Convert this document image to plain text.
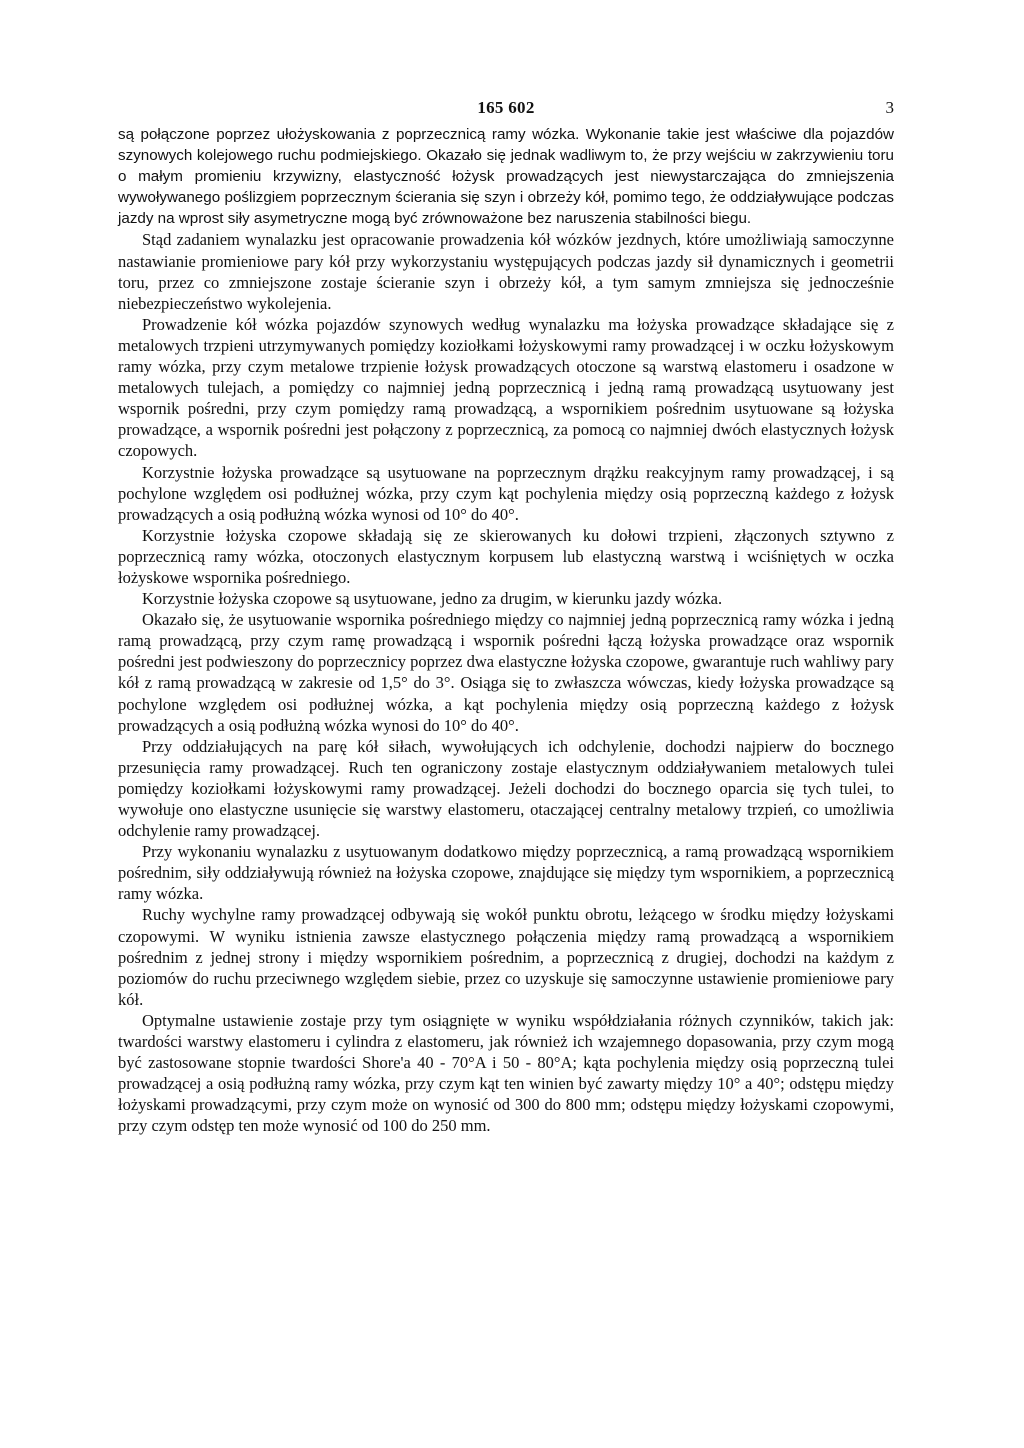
165 602	3

są połączone poprzez ułożyskowania z poprzecznicą ramy wózka. Wykonanie takie jest właściwe dla pojazdów szynowych kolejowego ruchu podmiejskiego. Okazało się jednak wadliwym to, że przy wejściu w zakrzywieniu toru o małym promieniu krzywizny, elastyczność łożysk prowadzących jest niewystarczająca do zmniejszenia wywoływanego poślizgiem poprzecznym ścierania się szyn i obrzeży kół, pomimo tego, że oddziaływujące podczas jazdy na wprost siły asymetryczne mogą być zrównoważone bez naruszenia stabilności biegu.

Stąd zadaniem wynalazku jest opracowanie prowadzenia kół wózków jezdnych, które umożliwiają samoczynne nastawianie promieniowe pary kół przy wykorzystaniu występujących podczas jazdy sił dynamicznych i geometrii toru, przez co zmniejszone zostaje ścieranie szyn i obrzeży kół, a tym samym zmniejsza się jednocześnie niebezpieczeństwo wykolejenia.

Prowadzenie kół wózka pojazdów szynowych według wynalazku ma łożyska prowadzące składające się z metalowych trzpieni utrzymywanych pomiędzy koziołkami łożyskowymi ramy prowadzącej i w oczku łożyskowym ramy wózka, przy czym metalowe trzpienie łożysk prowadzących otoczone są warstwą elastomeru i osadzone w metalowych tulejach, a pomiędzy co najmniej jedną poprzecznicą i jedną ramą prowadzącą usytuowany jest wspornik pośredni, przy czym pomiędzy ramą prowadzącą, a wspornikiem pośrednim usytuowane są łożyska prowadzące, a wspornik pośredni jest połączony z poprzecznicą, za pomocą co najmniej dwóch elastycznych łożysk czopowych.

Korzystnie łożyska prowadzące są usytuowane na poprzecznym drążku reakcyjnym ramy prowadzącej, i są pochylone względem osi podłużnej wózka, przy czym kąt pochylenia między osią poprzeczną każdego z łożysk prowadzących a osią podłużną wózka wynosi od 10° do 40°.

Korzystnie łożyska czopowe składają się ze skierowanych ku dołowi trzpieni, złączonych sztywno z poprzecznicą ramy wózka, otoczonych elastycznym korpusem lub elastyczną warstwą i wciśniętych w oczka łożyskowe wspornika pośredniego.

Korzystnie łożyska czopowe są usytuowane, jedno za drugim, w kierunku jazdy wózka.

Okazało się, że usytuowanie wspornika pośredniego między co najmniej jedną poprzecznicą ramy wózka i jedną ramą prowadzącą, przy czym ramę prowadzącą i wspornik pośredni łączą łożyska prowadzące oraz wspornik pośredni jest podwieszony do poprzecznicy poprzez dwa elastyczne łożyska czopowe, gwarantuje ruch wahliwy pary kół z ramą prowadzącą w zakresie od 1,5° do 3°. Osiąga się to zwłaszcza wówczas, kiedy łożyska prowadzące są pochylone względem osi podłużnej wózka, a kąt pochylenia między osią poprzeczną każdego z łożysk prowadzących a osią podłużną wózka wynosi do 10° do 40°.

Przy oddziałujących na parę kół siłach, wywołujących ich odchylenie, dochodzi najpierw do bocznego przesunięcia ramy prowadzącej. Ruch ten ograniczony zostaje elastycznym oddziaływaniem metalowych tulei pomiędzy koziołkami łożyskowymi ramy prowadzącej. Jeżeli dochodzi do bocznego oparcia się tych tulei, to wywołuje ono elastyczne usunięcie się warstwy elastomeru, otaczającej centralny metalowy trzpień, co umożliwia odchylenie ramy prowadzącej.

Przy wykonaniu wynalazku z usytuowanym dodatkowo między poprzecznicą, a ramą prowadzącą wspornikiem pośrednim, siły oddziaływują również na łożyska czopowe, znajdujące się między tym wspornikiem, a poprzecznicą ramy wózka.

Ruchy wychylne ramy prowadzącej odbywają się wokół punktu obrotu, leżącego w środku między łożyskami czopowymi. W wyniku istnienia zawsze elastycznego połączenia między ramą prowadzącą a wspornikiem pośrednim z jednej strony i między wspornikiem pośrednim, a poprzecznicą z drugiej, dochodzi na każdym z poziomów do ruchu przeciwnego względem siebie, przez co uzyskuje się samoczynne ustawienie promieniowe pary kół.

Optymalne ustawienie zostaje przy tym osiągnięte w wyniku współdziałania różnych czynników, takich jak: twardości warstwy elastomeru i cylindra z elastomeru, jak również ich wzajemnego dopasowania, przy czym mogą być zastosowane stopnie twardości Shore'a 40 - 70°A i 50 - 80°A; kąta pochylenia między osią poprzeczną tulei prowadzącej a osią podłużną ramy wózka, przy czym kąt ten winien być zawarty między 10° a 40°; odstępu między łożyskami prowadzącymi, przy czym może on wynosić od 300 do 800 mm; odstępu między łożyskami czopowymi, przy czym odstęp ten może wynosić od 100 do 250 mm.
